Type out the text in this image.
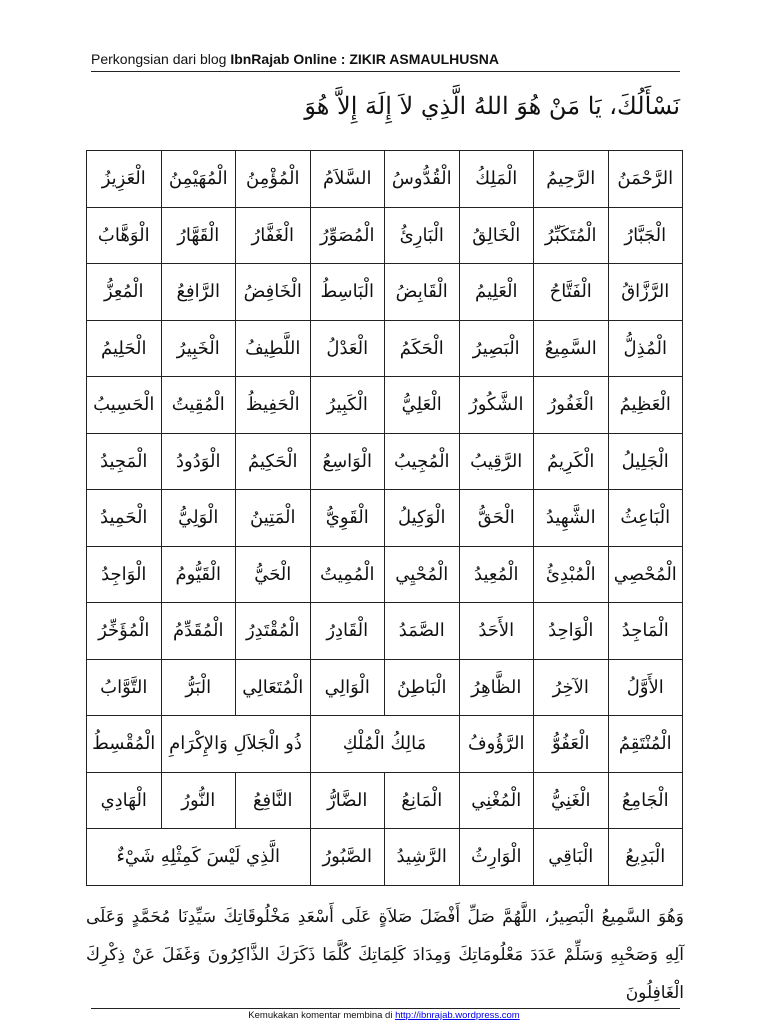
Perkongsian dari blog IbnRajab Online : ZIKIR ASMAULHUSNA
نَسْأَلُكَ، يَا مَنْ هُوَ اللهُ الَّذِي لاَ إِلَهَ إِلاَّ هُوَ
الرَّحْمَنُ	الرَّحِيمُ	الْمَلِكُ	الْقُدُّوسُ	السَّلاَمُ	الْمُؤْمِنُ	الْمُهَيْمِنُ	الْعَزِيزُ
الْجَبَّارُ	الْمُتَكَبِّرُ	الْخَالِقُ	الْبَارِئُ	الْمُصَوِّرُ	الْغَفَّارُ	الْقَهَّارُ	الْوَهَّابُ
الرَّزَّاقُ	الْفَتَّاحُ	الْعَلِيمُ	الْقَابِضُ	الْبَاسِطُ	الْخَافِضُ	الرَّافِعُ	الْمُعِزُّ
الْمُذِلُّ	السَّمِيعُ	الْبَصِيرُ	الْحَكَمُ	الْعَدْلُ	اللَّطِيفُ	الْخَبِيرُ	الْحَلِيمُ
الْعَظِيمُ	الْغَفُورُ	الشَّكُورُ	الْعَلِيُّ	الْكَبِيرُ	الْحَفِيظُ	الْمُقِيتُ	الْحَسِيبُ
الْجَلِيلُ	الْكَرِيمُ	الرَّقِيبُ	الْمُجِيبُ	الْوَاسِعُ	الْحَكِيمُ	الْوَدُودُ	الْمَجِيدُ
الْبَاعِثُ	الشَّهِيدُ	الْحَقُّ	الْوَكِيلُ	الْقَوِيُّ	الْمَتِينُ	الْوَلِيُّ	الْحَمِيدُ
الْمُحْصِي	الْمُبْدِئُ	الْمُعِيدُ	الْمُحْيِي	الْمُمِيتُ	الْحَيُّ	الْقَيُّومُ	الْوَاجِدُ
الْمَاجِدُ	الْوَاحِدُ	الأَحَدُ	الصَّمَدُ	الْقَادِرُ	الْمُقْتَدِرُ	الْمُقَدِّمُ	الْمُؤَخِّرُ
الأَوَّلُ	الآخِرُ	الظَّاهِرُ	الْبَاطِنُ	الْوَالِي	الْمُتَعَالِي	الْبَرُّ	التَّوَّابُ
الْمُنْتَقِمُ	الْعَفُوُّ	الرَّؤُوفُ	مَالِكُ الْمُلْكِ		ذُو الْجَلاَلِ وَالإِكْرَامِ		الْمُقْسِطُ
الْجَامِعُ	الْغَنِيُّ	الْمُغْنِي	الْمَانِعُ	الضَّارُّ	النَّافِعُ	النُّورُ	الْهَادِي
الْبَدِيعُ	الْبَاقِي	الْوَارِثُ	الرَّشِيدُ	الصَّبُورُ	الَّذِي لَيْسَ كَمِثْلِهِ شَيْءٌ		
وَهُوَ السَّمِيعُ الْبَصِيرُ، اللَّهُمَّ صَلِّ أَفْضَلَ صَلاَةٍ عَلَى أَسْعَدِ مَخْلُوقَاتِكَ سَيِّدِنَا مُحَمَّدٍ وَعَلَى آلِهِ وَصَحْبِهِ وَسَلِّمْ عَدَدَ مَعْلُومَاتِكَ وَمِدَادَ كَلِمَاتِكَ كُلَّمَا ذَكَرَكَ الذَّاكِرُونَ وَغَفَلَ عَنْ ذِكْرِكَ الْغَافِلُونَ
Kemukakan komentar membina di http://ibnrajab.wordpress.com
